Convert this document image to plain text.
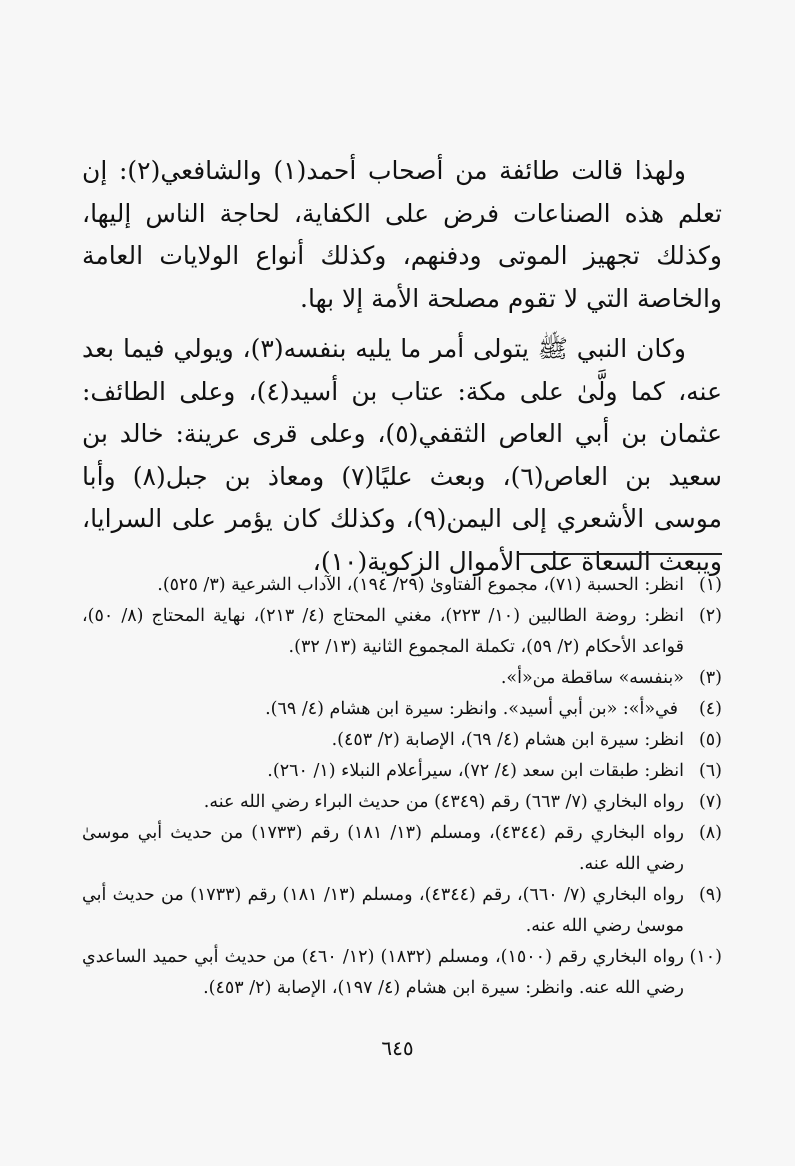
ولهذا قالت طائفة من أصحاب أحمد(١) والشافعي(٢): إن تعلم هذه الصناعات فرض على الكفاية، لحاجة الناس إليها، وكذلك تجهيز الموتى ودفنهم، وكذلك أنواع الولايات العامة والخاصة التي لا تقوم مصلحة الأمة إلا بها.

وكان النبي ﷺ يتولى أمر ما يليه بنفسه(٣)، ويولي فيما بعد عنه، كما ولَّىٰ على مكة: عتاب بن أسيد(٤)، وعلى الطائف: عثمان بن أبي العاص الثقفي(٥)، وعلى قرى عرينة: خالد بن سعيد بن العاص(٦)، وبعث عليًا(٧) ومعاذ بن جبل(٨) وأبا موسى الأشعري إلى اليمن(٩)، وكذلك كان يؤمر على السرايا، ويبعث السعاة على الأموال الزكوية(١٠)،

(١)
انظر: الحسبة (٧١)، مجموع الفتاوىٰ (٢٩/ ١٩٤)، الآداب الشرعية (٣/ ٥٢٥).
(٢)
انظر: روضة الطالبين (١٠/ ٢٢٣)، مغني المحتاج (٤/ ٢١٣)، نهاية المحتاج (٨/ ٥٠)، قواعد الأحكام (٢/ ٥٩)، تكملة المجموع الثانية (١٣/ ٣٢).
(٣)
«بنفسه» ساقطة من«أ».
(٤)
في«أ»: «بن أبي أسيد». وانظر: سيرة ابن هشام (٤/ ٦٩).
(٥)
انظر: سيرة ابن هشام (٤/ ٦٩)، الإصابة (٢/ ٤٥٣).
(٦)
انظر: طبقات ابن سعد (٤/ ٧٢)، سيرأعلام النبلاء (١/ ٢٦٠).
(٧)
رواه البخاري (٧/ ٦٦٣) رقم (٤٣٤٩) من حديث البراء رضي الله عنه.
(٨)
رواه البخاري رقم (٤٣٤٤)، ومسلم (١٣/ ١٨١) رقم (١٧٣٣) من حديث أبي موسىٰ رضي الله عنه.
(٩)
رواه البخاري (٧/ ٦٦٠)، رقم (٤٣٤٤)، ومسلم (١٣/ ١٨١) رقم (١٧٣٣) من حديث أبي موسىٰ رضي الله عنه.
(١٠)
رواه البخاري رقم (١٥٠٠)، ومسلم (١٨٣٢) (١٢/ ٤٦٠) من حديث أبي حميد الساعدي رضي الله عنه. وانظر: سيرة ابن هشام (٤/ ١٩٧)، الإصابة (٢/ ٤٥٣).
٦٤٥
